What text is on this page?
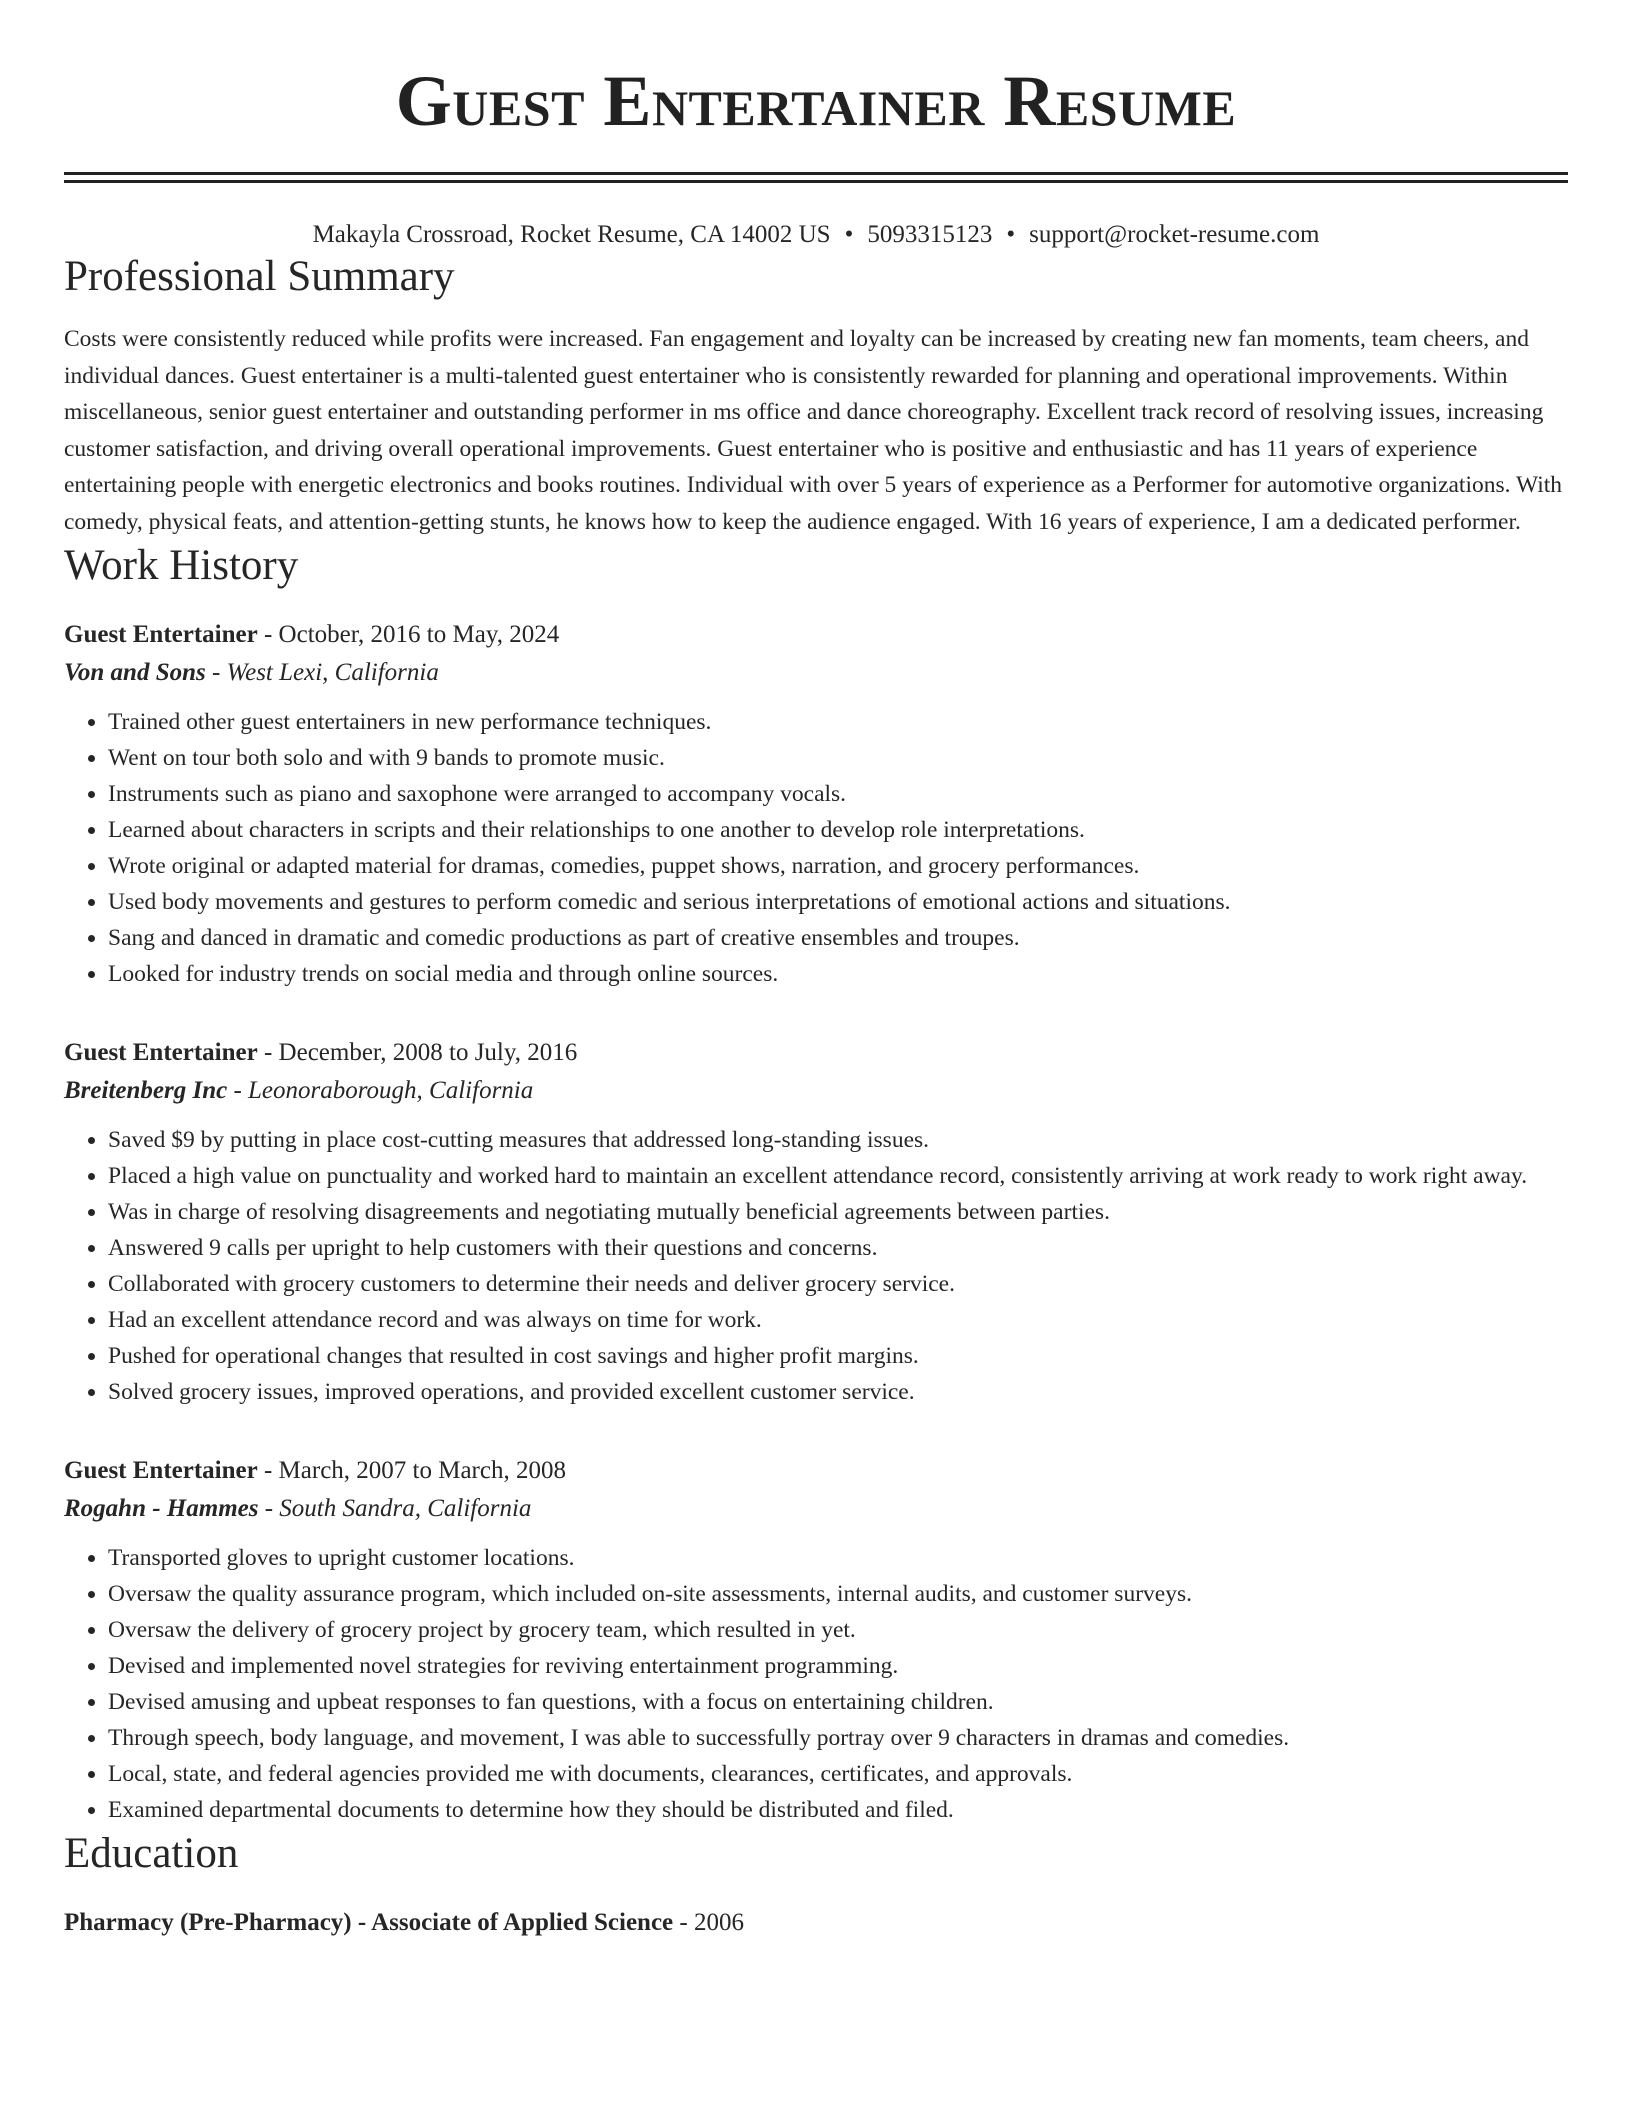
Guest Entertainer Resume
Makayla Crossroad, Rocket Resume, CA 14002 US • 5093315123 • support@rocket-resume.com
Professional Summary
Costs were consistently reduced while profits were increased. Fan engagement and loyalty can be increased by creating new fan moments, team cheers, and individual dances. Guest entertainer is a multi-talented guest entertainer who is consistently rewarded for planning and operational improvements. Within miscellaneous, senior guest entertainer and outstanding performer in ms office and dance choreography. Excellent track record of resolving issues, increasing customer satisfaction, and driving overall operational improvements. Guest entertainer who is positive and enthusiastic and has 11 years of experience entertaining people with energetic electronics and books routines. Individual with over 5 years of experience as a Performer for automotive organizations. With comedy, physical feats, and attention-getting stunts, he knows how to keep the audience engaged. With 16 years of experience, I am a dedicated performer.
Work History
Guest Entertainer - October, 2016 to May, 2024
Von and Sons - West Lexi, California
• Trained other guest entertainers in new performance techniques.
• Went on tour both solo and with 9 bands to promote music.
• Instruments such as piano and saxophone were arranged to accompany vocals.
• Learned about characters in scripts and their relationships to one another to develop role interpretations.
• Wrote original or adapted material for dramas, comedies, puppet shows, narration, and grocery performances.
• Used body movements and gestures to perform comedic and serious interpretations of emotional actions and situations.
• Sang and danced in dramatic and comedic productions as part of creative ensembles and troupes.
• Looked for industry trends on social media and through online sources.
Guest Entertainer - December, 2008 to July, 2016
Breitenberg Inc - Leonoraborough, California
• Saved $9 by putting in place cost-cutting measures that addressed long-standing issues.
• Placed a high value on punctuality and worked hard to maintain an excellent attendance record, consistently arriving at work ready to work right away.
• Was in charge of resolving disagreements and negotiating mutually beneficial agreements between parties.
• Answered 9 calls per upright to help customers with their questions and concerns.
• Collaborated with grocery customers to determine their needs and deliver grocery service.
• Had an excellent attendance record and was always on time for work.
• Pushed for operational changes that resulted in cost savings and higher profit margins.
• Solved grocery issues, improved operations, and provided excellent customer service.
Guest Entertainer - March, 2007 to March, 2008
Rogahn - Hammes - South Sandra, California
• Transported gloves to upright customer locations.
• Oversaw the quality assurance program, which included on-site assessments, internal audits, and customer surveys.
• Oversaw the delivery of grocery project by grocery team, which resulted in yet.
• Devised and implemented novel strategies for reviving entertainment programming.
• Devised amusing and upbeat responses to fan questions, with a focus on entertaining children.
• Through speech, body language, and movement, I was able to successfully portray over 9 characters in dramas and comedies.
• Local, state, and federal agencies provided me with documents, clearances, certificates, and approvals.
• Examined departmental documents to determine how they should be distributed and filed.
Education
Pharmacy (Pre-Pharmacy) - Associate of Applied Science - 2006
